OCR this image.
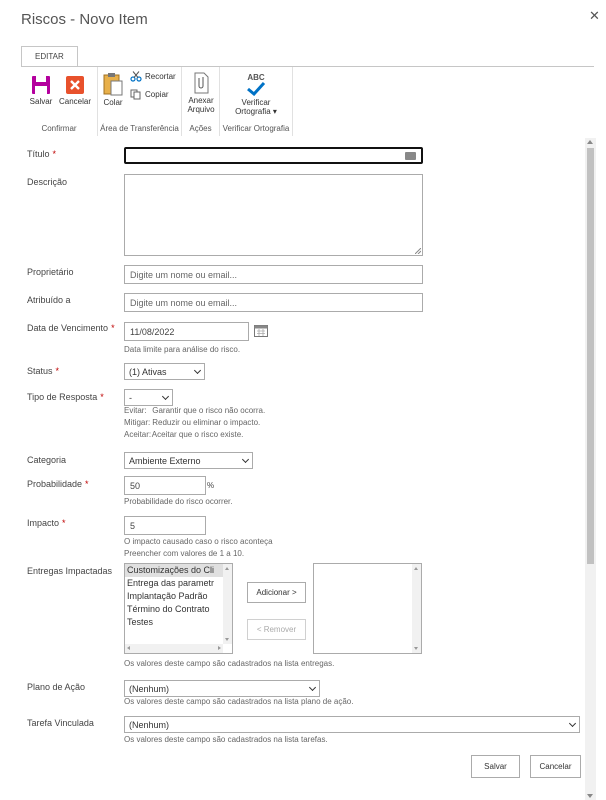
Riscos - Novo Item	✕
EDITAR
Salvar Cancelar
Confirmar
Colar
Recortar
Copiar
Área de Transferência
Anexar
Arquivo
Ações
ABC
Verificar
Ortografia ▾
Verificar Ortografia
Título *
Descrição
Proprietário	Digite um nome ou email...
Atribuído a	Digite um nome ou email...
Data de Vencimento * 11/08/2022
Data limite para análise do risco.
Status *	(1) Ativas
Tipo de Resposta *	-
Evitar: Garantir que o risco não ocorra.
Mitigar: Reduzir ou eliminar o impacto.
Aceitar: Aceitar que o risco existe.
Categoria	Ambiente Externo
Probabilidade *	50	%
Probabilidade do risco ocorrer.
Impacto *	5
O impacto causado caso o risco aconteça
Preencher com valores de 1 a 10.
Entregas Impactadas Customizações do Cli
Entrega das parametr
Implantação Padrão
Término do Contrato
Testes
Adicionar >
< Remover
Os valores deste campo são cadastrados na lista entregas.
Plano de Ação	(Nenhum)
Os valores deste campo são cadastrados na lista plano de ação.
Tarefa Vinculada	(Nenhum)
Os valores deste campo são cadastrados na lista tarefas.
Salvar	Cancelar
